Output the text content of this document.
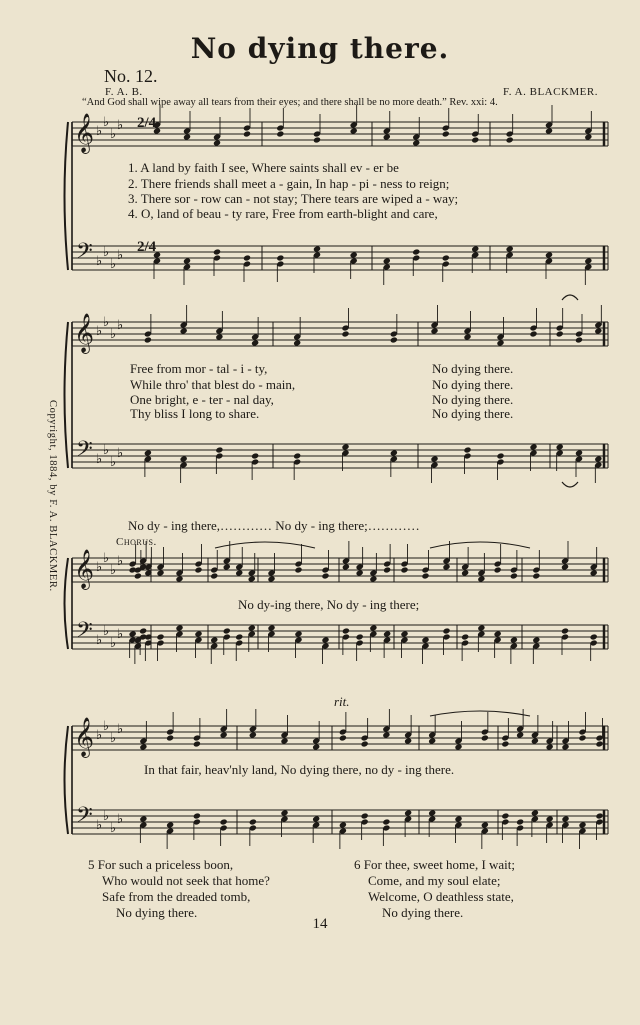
No dying there.
No. 12.
F. A. B.	F. A. BLACKMER.
“And God shall wipe away all tears from their eyes; and there shall be no more death.” Rev. xxi: 4.
𝄞
𝄢
♭
♭
♭
♭
♭
♭
♭
♭
𝄞
𝄢
♭
♭
♭
♭
♭
♭
♭
♭
𝄞
𝄢
♭
♭
♭
♭
♭
♭
♭
♭
𝄞
𝄢
♭
♭
♭
♭
♭
♭
♭
♭
2/4
2/4
1. A land by faith I see, Where saints shall ev - er be
2. There friends shall meet a - gain, In hap - pi - ness to reign;
3. There sor - row can - not stay; There tears are wiped a - way;
4. O, land of beau - ty rare, Free from earth-blight and care,
Free from mor - tal - i - ty,
While thro' that blest do - main,
One bright, e - ter - nal day,
Thy bliss I long to share.
No dying there.
No dying there.
No dying there.
No dying there.
No dy - ing there,………… No dy - ing there;…………
Chorus.
No dy-ing there, No dy - ing there;
rit.
In that fair, heav'nly land, No dying there, no dy - ing there.
Copyright, 1884, by F. A. BLACKMER.
5 For such a priceless boon,
Who would not seek that home?
Safe from the dreaded tomb,
No dying there.
6 For thee, sweet home, I wait;
Come, and my soul elate;
Welcome, O deathless state,
No dying there.
14
